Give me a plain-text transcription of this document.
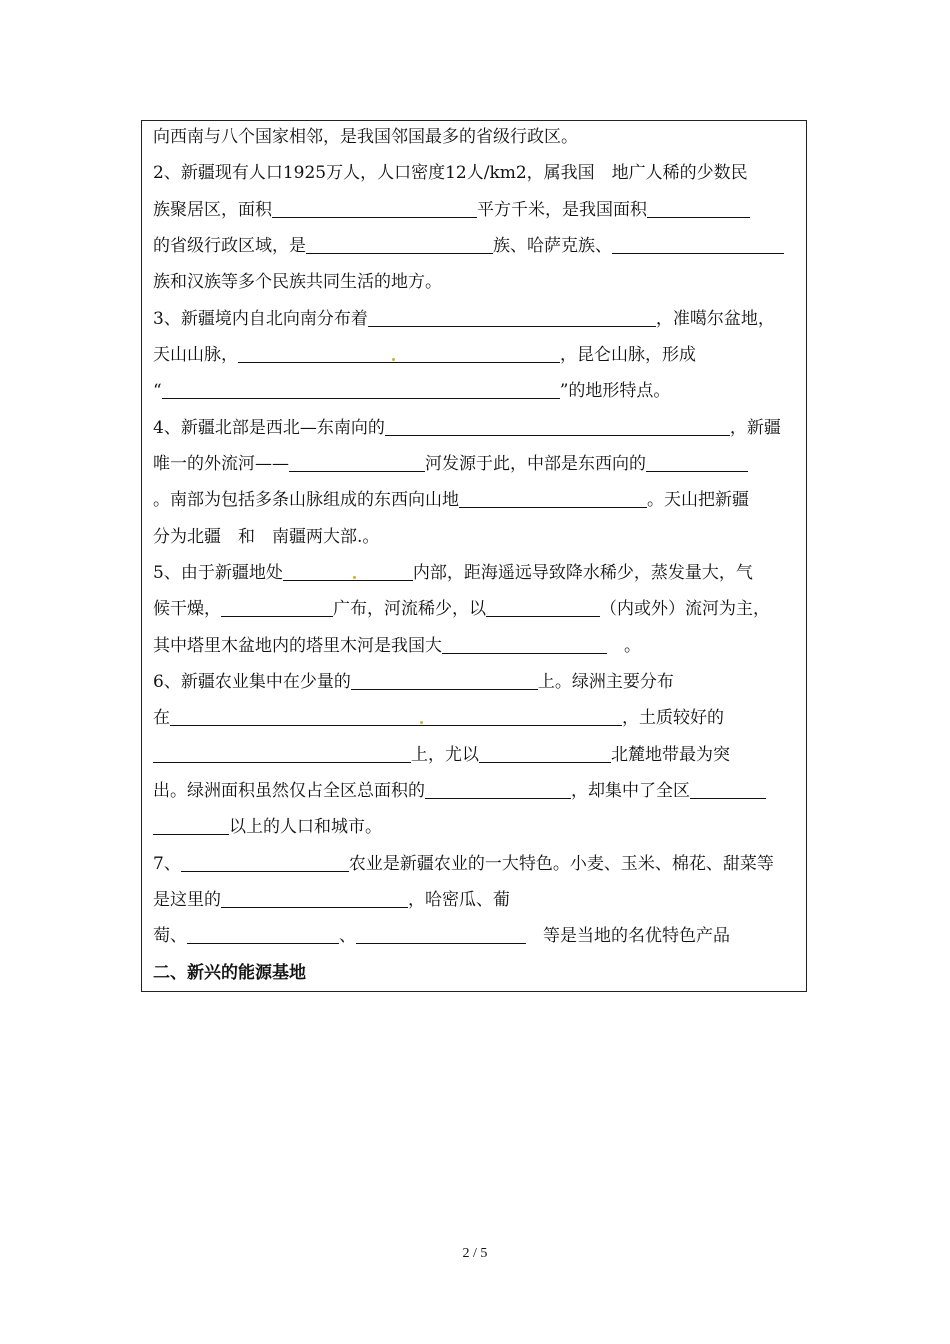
向西南与八个国家相邻，是我国邻国最多的省级行政区。
2、新疆现有人口1925万人，人口密度12人/km2，属我国　地广人稀的少数民
族聚居区，面积	平方千米，是我国面积
的省级行政区域，是	族、哈萨克族、
族和汉族等多个民族共同生活的地方。
3、新疆境内自北向南分布着	，准噶尔盆地，
天山山脉，	，昆仑山脉，形成
“	”的地形特点。
4、新疆北部是西北—东南向的	，新疆
唯一的外流河——	河发源于此，中部是东西向的
。南部为包括多条山脉组成的东西向山地	。天山把新疆
分为北疆　和　南疆两大部.。
5、由于新疆地处	内部，距海遥远导致降水稀少，蒸发量大，气
候干燥，	广布，河流稀少，以	（内或外）流河为主，
其中塔里木盆地内的塔里木河是我国大	　。
6、新疆农业集中在少量的	上。绿洲主要分布
在	，土质较好的
上，尤以	北麓地带最为突
出。绿洲面积虽然仅占全区总面积的	，却集中了全区
以上的人口和城市。
7、	农业是新疆农业的一大特色。小麦、玉米、棉花、甜菜等
是这里的	，哈密瓜、葡
萄、	、	　等是当地的名优特色产品
二、新兴的能源基地
2 / 5
